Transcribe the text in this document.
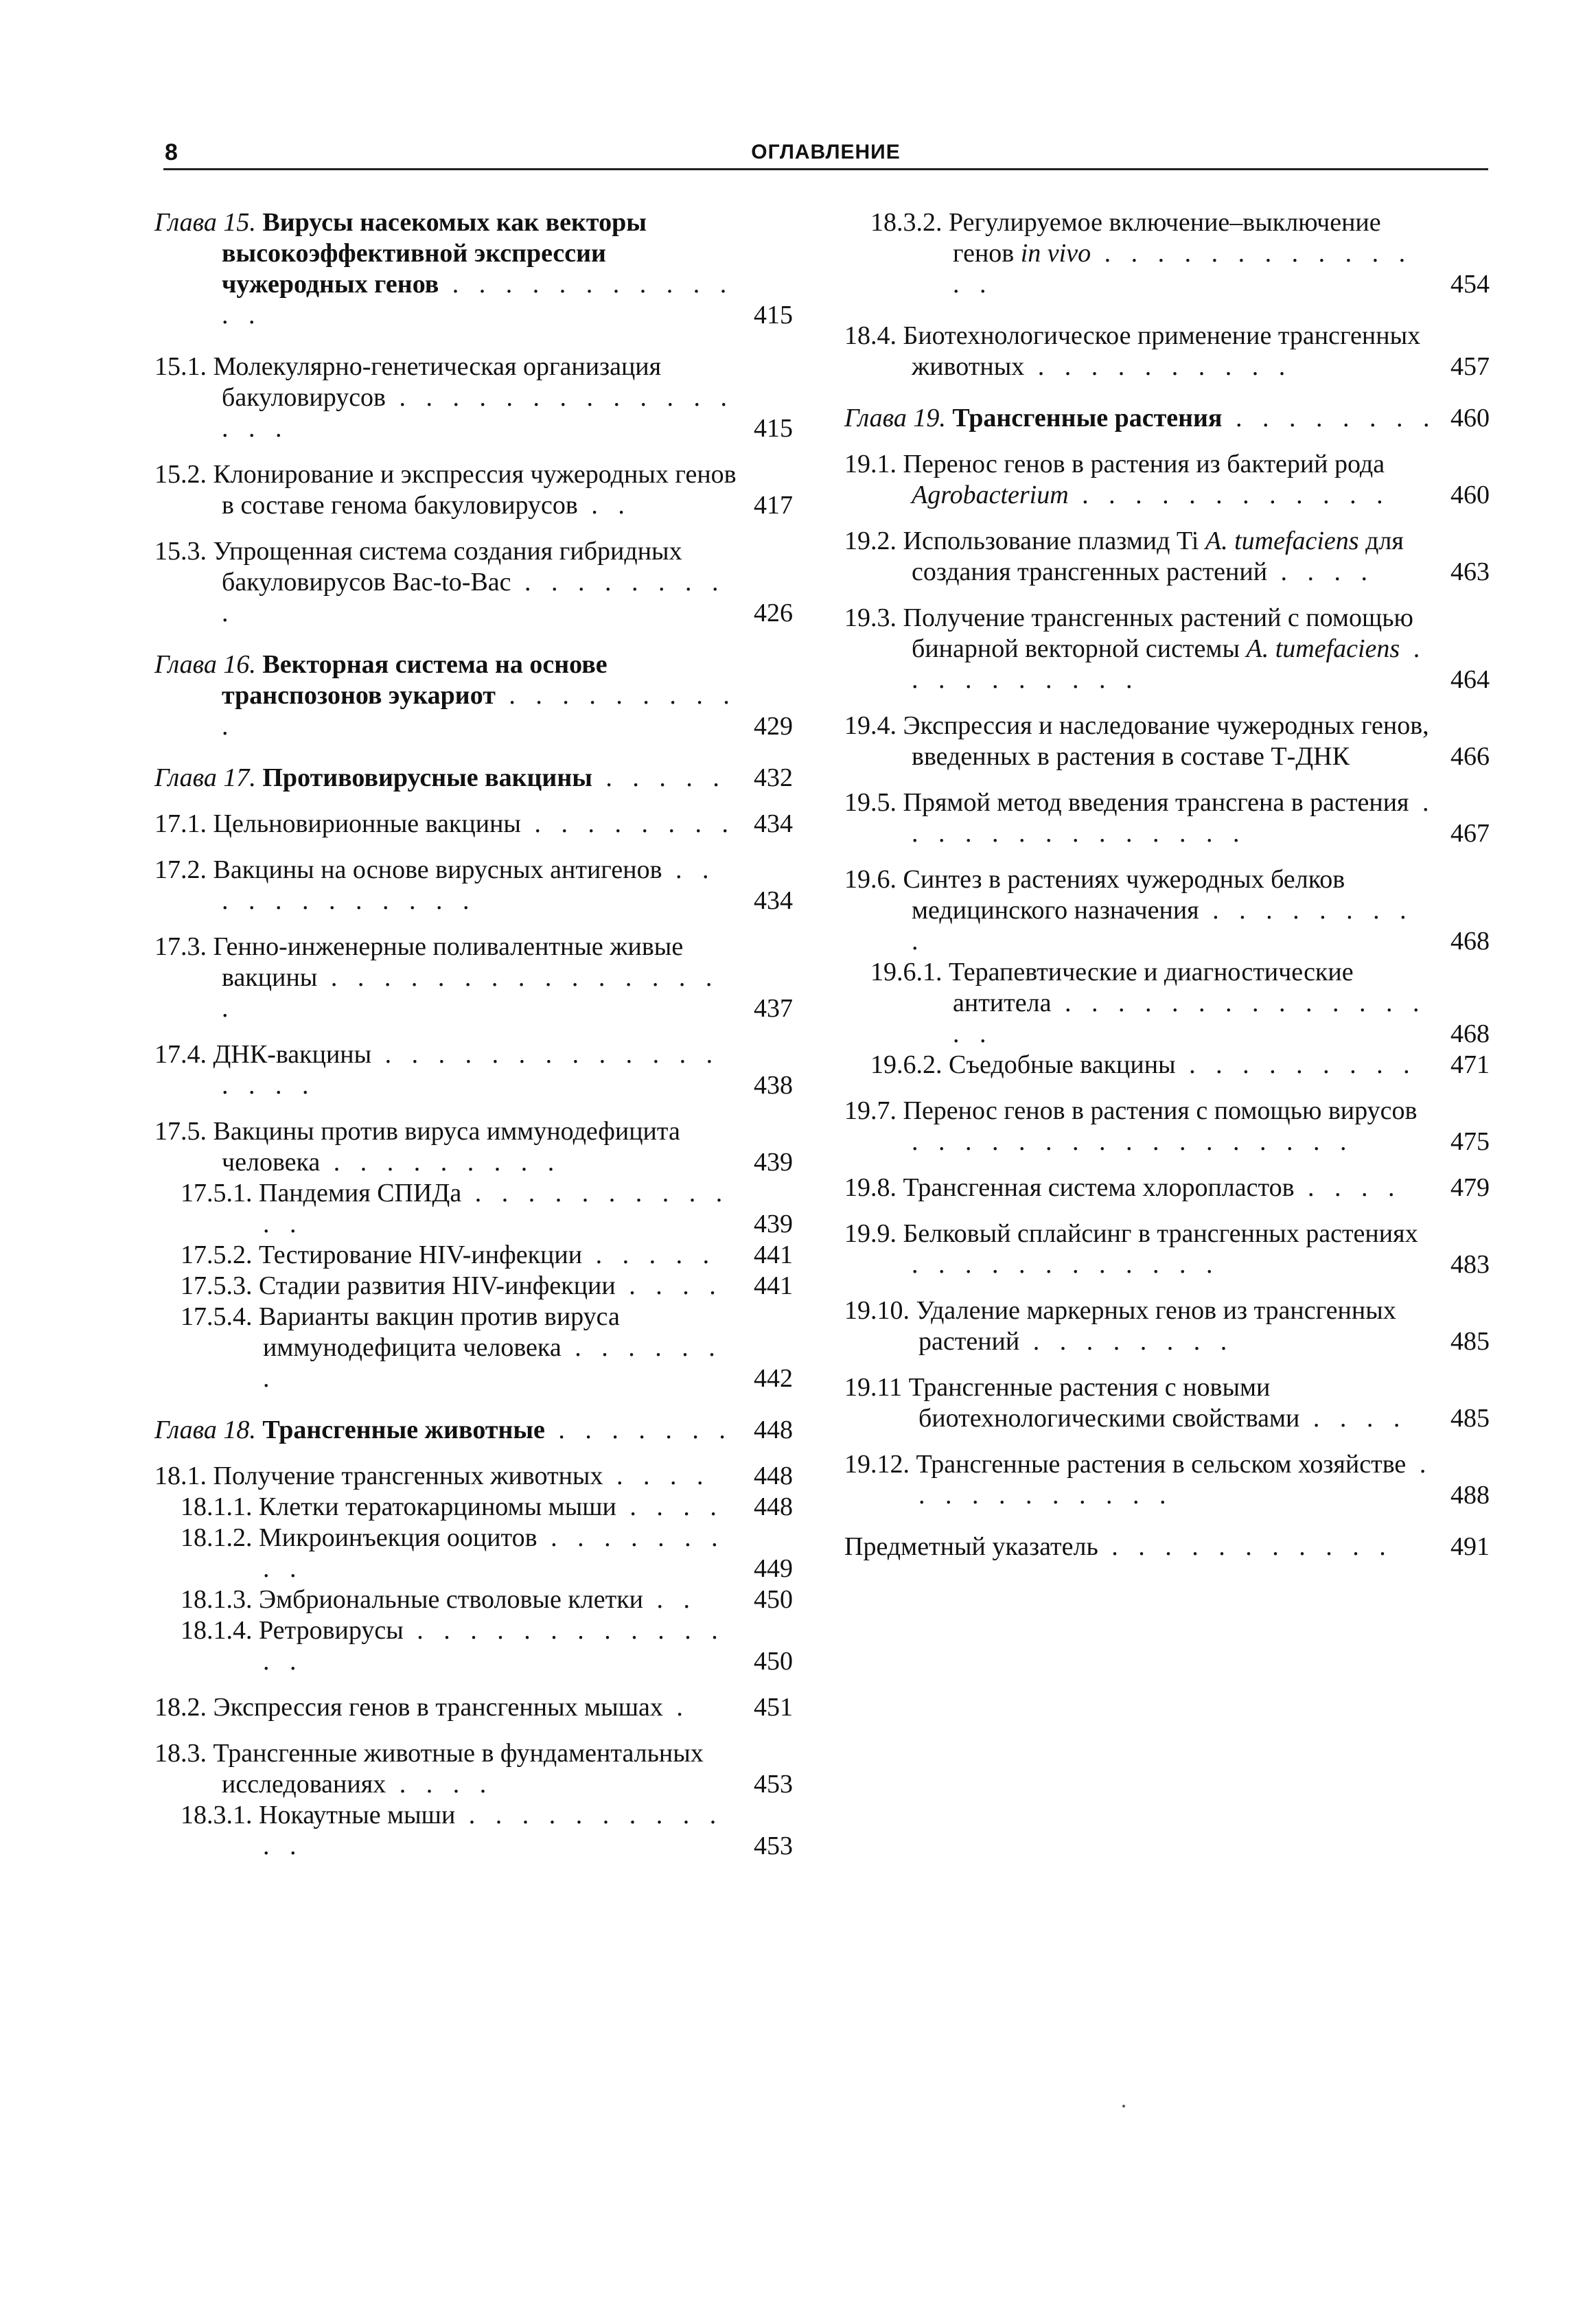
8	ОГЛАВЛЕНИЕ
Глава 15. Вирусы насекомых как векторы высокоэффективной экспрессии чужеродных генов . . . . . . . . . . . . .	415
15.1. Молекулярно-генетическая организация бакуловирусов . . . . . . . . . . . . . . . .	415
15.2. Клонирование и экспрессия чужеродных генов в составе генома бакуловирусов . .	417
15.3. Упрощенная система создания гибридных бакуловирусов Bac-to-Bac . . . . . . . . .	426
Глава 16. Векторная система на основе транспозонов эукариот . . . . . . . . . .	429
Глава 17. Противовирусные вакцины . . . . .	432
17.1. Цельновирионные вакцины . . . . . . . . 434
17.2. Вакцины на основе вирусных антигенов . . . . . . . . . . . .	434
17.3. Генно-инженерные поливалентные живые вакцины . . . . . . . . . . . . . . . .	437
17.4. ДНК-вакцины . . . . . . . . . . . . . . . . .	438
17.5. Вакцины против вируса иммунодефицита человека . . . . . . . . .	439
17.5.1. Пандемия СПИДа . . . . . . . . . . . .	439
17.5.2. Тестирование HIV-инфекции . . . . .	441
17.5.3. Стадии развития HIV-инфекции . . . .	441
17.5.4. Варианты вакцин против вируса иммунодефицита человека . . . . . . .	442
Глава 18. Трансгенные животные . . . . . . . 448
18.1. Получение трансгенных животных . . . .	448
18.1.1. Клетки тератокарциномы мыши . . . .	448
18.1.2. Микроинъекция ооцитов . . . . . . . . .	449
18.1.3. Эмбриональные стволовые клетки . .	450
18.1.4. Ретровирусы . . . . . . . . . . . . . .	450
18.2. Экспрессия генов в трансгенных мышах .	451
18.3. Трансгенные животные в фундаментальных исследованиях . . . .	453
18.3.1. Нокаутные мыши . . . . . . . . . . . .	453
18.3.2. Регулируемое включение–выключение генов in vivo . . . . . . . . . . . . . .	454
18.4. Биотехнологическое применение трансгенных животных . . . . . . . . . .	457
Глава 19. Трансгенные растения . . . . . . . . 460
19.1. Перенос генов в растения из бактерий рода Agrobacterium . . . . . . . . . . . .	460
19.2. Использование плазмид Ti A. tumefaciens для создания трансгенных растений . . . .	463
19.3. Получение трансгенных растений с помощью бинарной векторной системы A. tumefaciens . . . . . . . . . .	464
19.4. Экспрессия и наследование чужеродных генов, введенных в растения в составе Т-ДНК	466
19.5. Прямой метод введения трансгена в растения . . . . . . . . . . . . . .	467
19.6. Синтез в растениях чужеродных белков медицинского назначения . . . . . . . . .	468
19.6.1. Терапевтические и диагностические антитела . . . . . . . . . . . . . . . .	468
19.6.2. Съедобные вакцины . . . . . . . . .	471
19.7. Перенос генов в растения с помощью вирусов . . . . . . . . . . . . . . . . .	475
19.8. Трансгенная система хлоропластов . . . .	479
19.9. Белковый сплайсинг в трансгенных растениях . . . . . . . . . . . .	483
19.10. Удаление маркерных генов из трансгенных растений . . . . . . . .	485
19.11 Трансгенные растения с новыми биотехнологическими свойствами . . . .	485
19.12. Трансгенные растения в сельском хозяйстве . . . . . . . . . . .	488
Предметный указатель . . . . . . . . . . .	491
